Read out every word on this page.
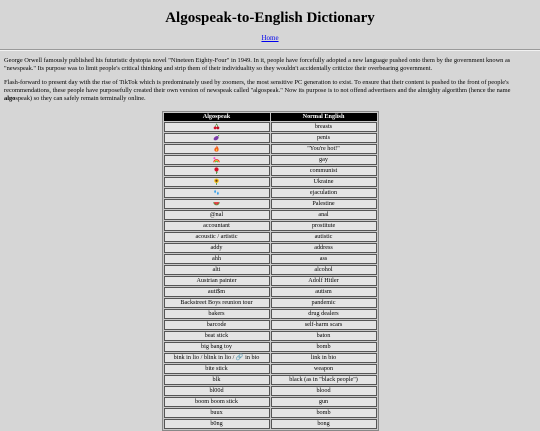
Algospeak-to-English Dictionary
Home

George Orwell famously published his futuristic dystopia novel "Nineteen Eighty-Four" in 1949. In it, people have forcefully adopted a new language pushed onto them by the government known as "newspeak." Its purpose was to limit people's critical thinking and strip them of their individuality so they wouldn't accidentally criticize their overbearing government.

Flash-forward to present day with the rise of TikTok which is predominately used by zoomers, the most sensitive PC generation to exist. To ensure that their content is pushed to the front of people's recommendations, these people have purposefully created their own version of newspeak called "algospeak." Now its purpose is to not offend advertisers and the almighty algorithm (hence the name algospeak) so they can safely remain terminally online.

Algospeak	Normal English
	breasts
	penis
	"You're hot!"
	gay
	communist
	Ukraine
	ejaculation
	Palestine
@nal	anal
accountant	prostitute
acoustic / artistic	autistic
addy	address
ahh	ass
alti	alcohol
Austrian painter	Adolf Hitler
auti$m	autism
Backstreet Boys reunion tour	pandemic
bakers	drug dealers
barcode	self-harm scars
beat stick	baton
big bang toy	bomb
bink in lio / blink in lio / 🔗 in bio	link in bio
bite stick	weapon
blk	black (as in "black people")
bl00d	blood
boom boom stick	gun
buux	bomb
b0ng	bong
